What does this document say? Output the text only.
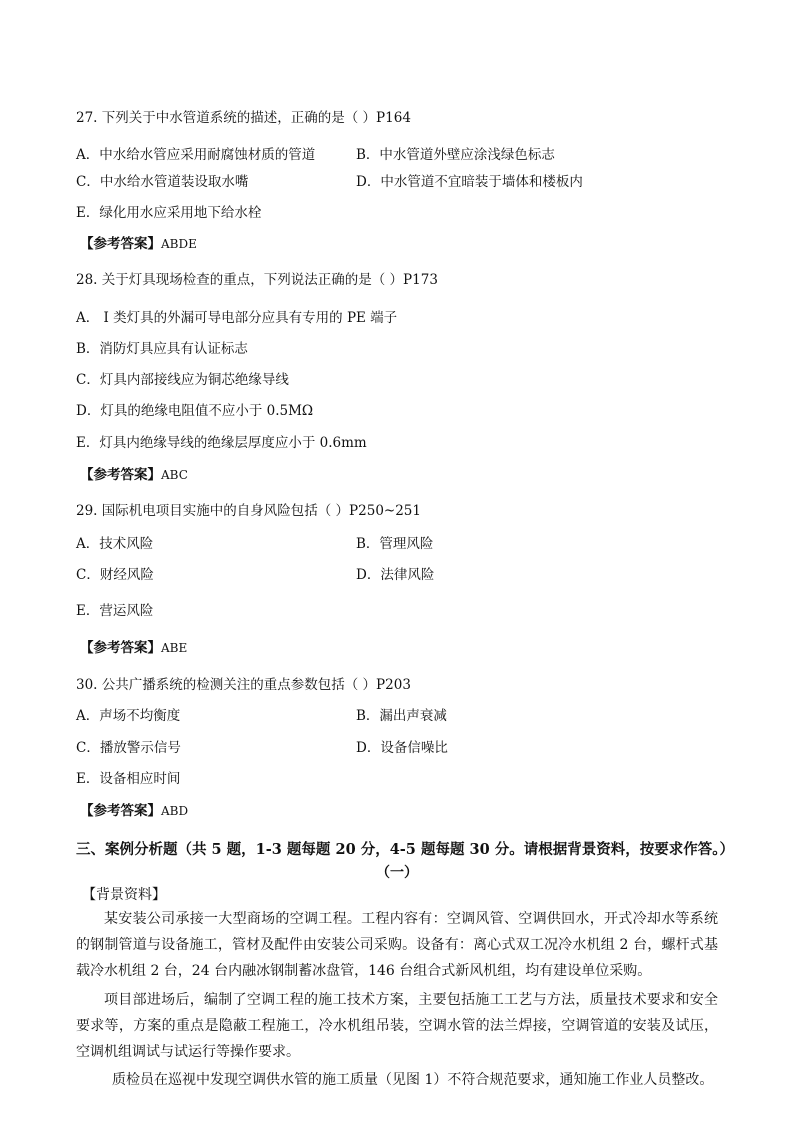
27. 下列关于中水管道系统的描述，正确的是（ ）P164
A．中水给水管应采用耐腐蚀材质的管道	B．中水管道外壁应涂浅绿色标志
C．中水给水管道装设取水嘴	D．中水管道不宜暗装于墙体和楼板内
E．绿化用水应采用地下给水栓
【参考答案】ABDE
28. 关于灯具现场检查的重点，下列说法正确的是（ ）P173
A． I 类灯具的外漏可导电部分应具有专用的 PE 端子
B．消防灯具应具有认证标志
C．灯具内部接线应为铜芯绝缘导线
D．灯具的绝缘电阻值不应小于 0.5MΩ
E．灯具内绝缘导线的绝缘层厚度应小于 0.6mm
【参考答案】ABC
29. 国际机电项目实施中的自身风险包括（ ）P250~251
A．技术风险	B．管理风险
C．财经风险	D．法律风险
E．营运风险
【参考答案】ABE
30. 公共广播系统的检测关注的重点参数包括（ ）P203
A．声场不均衡度	B．漏出声衰减
C．播放警示信号	D．设备信噪比
E．设备相应时间
【参考答案】ABD
三、案例分析题（共 5 题，1-3 题每题 20 分，4-5 题每题 30 分。请根据背景资料，按要求作答。）
（一）
【背景资料】
某安装公司承接一大型商场的空调工程。工程内容有：空调风管、空调供回水，开式冷却水等系统的钢制管道与设备施工，管材及配件由安装公司采购。设备有：离心式双工况冷水机组 2 台，螺杆式基载冷水机组 2 台，24 台内融冰钢制蓄冰盘管，146 台组合式新风机组，均有建设单位采购。
项目部进场后，编制了空调工程的施工技术方案，主要包括施工工艺与方法，质量技术要求和安全要求等，方案的重点是隐蔽工程施工，冷水机组吊装，空调水管的法兰焊接，空调管道的安装及试压，空调机组调试与试运行等操作要求。
质检员在巡视中发现空调供水管的施工质量（见图 1）不符合规范要求，通知施工作业人员整改。
